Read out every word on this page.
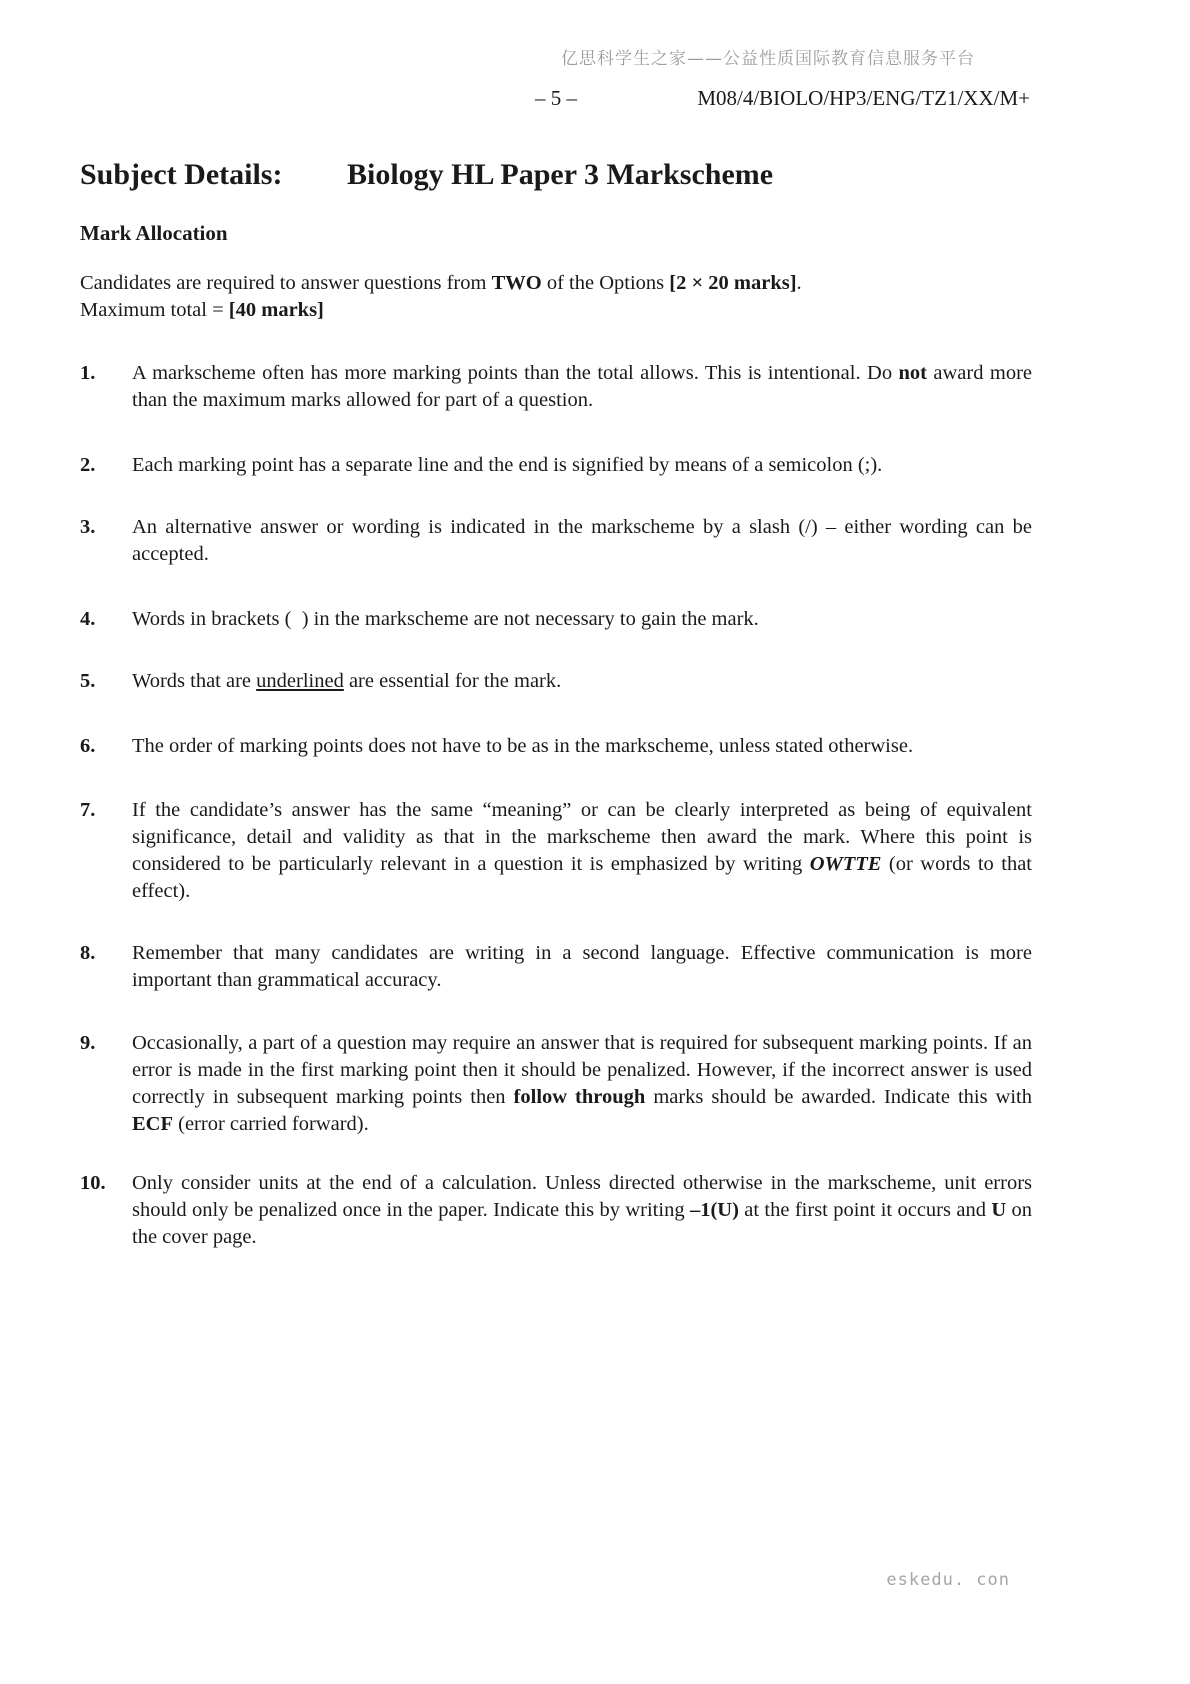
亿思科学生之家——公益性质国际教育信息服务平台
– 5 –	M08/4/BIOLO/HP3/ENG/TZ1/XX/M+
Subject Details: Biology HL Paper 3 Markscheme
Mark Allocation
Candidates are required to answer questions from TWO of the Options [2 × 20 marks].
Maximum total = [40 marks]
1. A markscheme often has more marking points than the total allows. This is intentional. Do not award more than the maximum marks allowed for part of a question.
2. Each marking point has a separate line and the end is signified by means of a semicolon (;).
3. An alternative answer or wording is indicated in the markscheme by a slash (/) – either wording can be accepted.
4. Words in brackets (  ) in the markscheme are not necessary to gain the mark.
5. Words that are underlined are essential for the mark.
6. The order of marking points does not have to be as in the markscheme, unless stated otherwise.
7. If the candidate’s answer has the same “meaning” or can be clearly interpreted as being of equivalent significance, detail and validity as that in the markscheme then award the mark. Where this point is considered to be particularly relevant in a question it is emphasized by writing OWTTE (or words to that effect).
8. Remember that many candidates are writing in a second language. Effective communication is more important than grammatical accuracy.
9. Occasionally, a part of a question may require an answer that is required for subsequent marking points. If an error is made in the first marking point then it should be penalized. However, if the incorrect answer is used correctly in subsequent marking points then follow through marks should be awarded. Indicate this with ECF (error carried forward).
10. Only consider units at the end of a calculation. Unless directed otherwise in the markscheme, unit errors should only be penalized once in the paper. Indicate this by writing –1(U) at the first point it occurs and U on the cover page.
eskedu. con
